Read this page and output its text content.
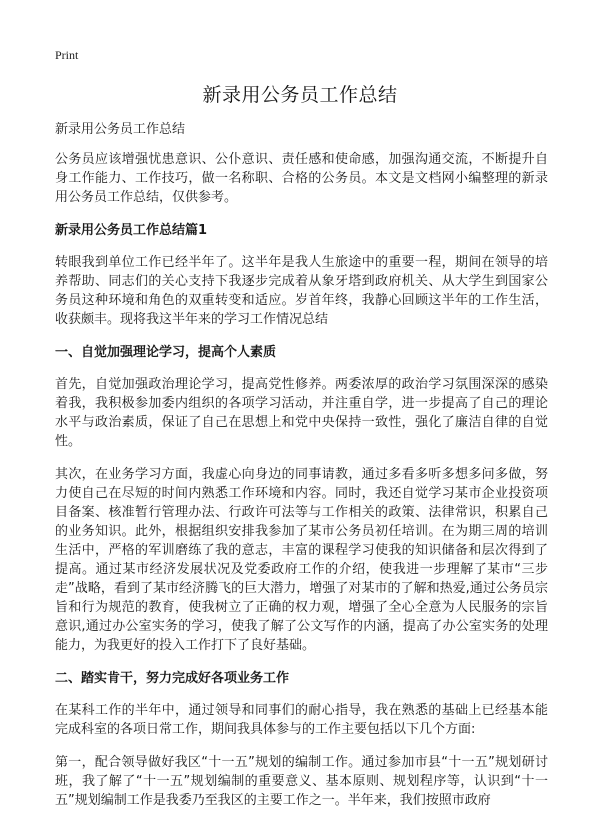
Print
新录用公务员工作总结

新录用公务员工作总结

公务员应该增强忧患意识、公仆意识、责任感和使命感，加强沟通交流，不断提升自身工作能力、工作技巧，做一名称职、合格的公务员。本文是文档网小编整理的新录用公务员工作总结，仅供参考。

新录用公务员工作总结篇1

转眼我到单位工作已经半年了。这半年是我人生旅途中的重要一程，期间在领导的培养帮助、同志们的关心支持下我逐步完成着从象牙塔到政府机关、从大学生到国家公务员这种环境和角色的双重转变和适应。岁首年终，我静心回顾这半年的工作生活，收获颇丰。现将我这半年来的学习工作情况总结

一、自觉加强理论学习，提高个人素质

首先，自觉加强政治理论学习，提高党性修养。两委浓厚的政治学习氛围深深的感染着我，我积极参加委内组织的各项学习活动，并注重自学，进一步提高了自己的理论水平与政治素质，保证了自己在思想上和党中央保持一致性，强化了廉洁自律的自觉性。

其次，在业务学习方面，我虚心向身边的同事请教，通过多看多听多想多问多做，努力使自己在尽短的时间内熟悉工作环境和内容。同时，我还自觉学习某市企业投资项目备案、核准暂行管理办法、行政许可法等与工作相关的政策、法律常识，积累自己的业务知识。此外，根据组织安排我参加了某市公务员初任培训。在为期三周的培训生活中，严格的军训磨练了我的意志，丰富的课程学习使我的知识储备和层次得到了提高。通过某市经济发展状况及党委政府工作的介绍，使我进一步理解了某市“三步走”战略，看到了某市经济腾飞的巨大潜力，增强了对某市的了解和热爱,通过公务员宗旨和行为规范的教育，使我树立了正确的权力观，增强了全心全意为人民服务的宗旨意识,通过办公室实务的学习，使我了解了公文写作的内涵，提高了办公室实务的处理能力，为我更好的投入工作打下了良好基础。

二、踏实肯干，努力完成好各项业务工作

在某科工作的半年中，通过领导和同事们的耐心指导，我在熟悉的基础上已经基本能完成科室的各项日常工作，期间我具体参与的工作主要包括以下几个方面:

第一，配合领导做好我区“十一五”规划的编制工作。通过参加市县“十一五”规划研讨班，我了解了“十一五”规划编制的重要意义、基本原则、规划程序等，认识到“十一五”规划编制工作是我委乃至我区的主要工作之一。半年来，我们按照市政府
